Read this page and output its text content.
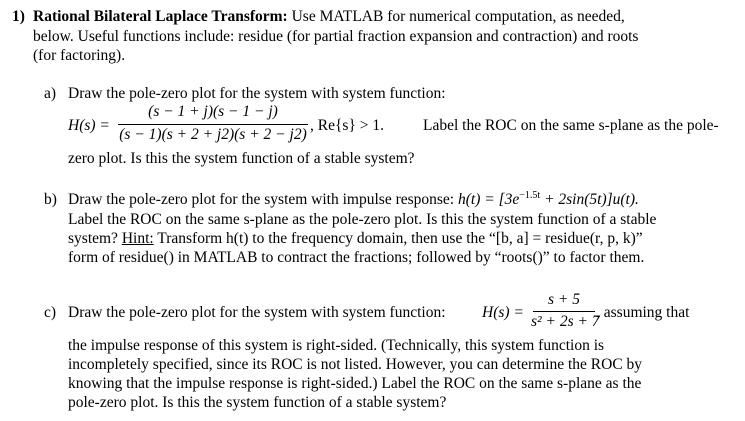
1) Rational Bilateral Laplace Transform: Use MATLAB for numerical computation, as needed,
below. Useful functions include: residue (for partial fraction expansion and contraction) and roots
(for factoring).
a) Draw the pole-zero plot for the system with system function:
H(s) =
(s − 1 + j)(s − 1 − j)
(s − 1)(s + 2 + j2)(s + 2 − j2)
, Re{s} > 1.	Label the ROC on the same s-plane as the pole-
zero plot. Is this the system function of a stable system?
b) Draw the pole-zero plot for the system with impulse response: $h(t) = [3e^{-1.5t} + 2\sin(5t)]u(t)$.
Label the ROC on the same s-plane as the pole-zero plot. Is this the system function of a stable
system? Hint: Transform h(t) to the frequency domain, then use the “[b, a] = residue(r, p, k)”
form of residue() in MATLAB to contract the fractions; followed by “roots()” to factor them.
c) Draw the pole-zero plot for the system with system function: H(s) =
s + 5
s² + 2s + 7
, assuming that
the impulse response of this system is right-sided. (Technically, this system function is
incompletely specified, since its ROC is not listed. However, you can determine the ROC by
knowing that the impulse response is right-sided.) Label the ROC on the same s-plane as the
pole-zero plot. Is this the system function of a stable system?
